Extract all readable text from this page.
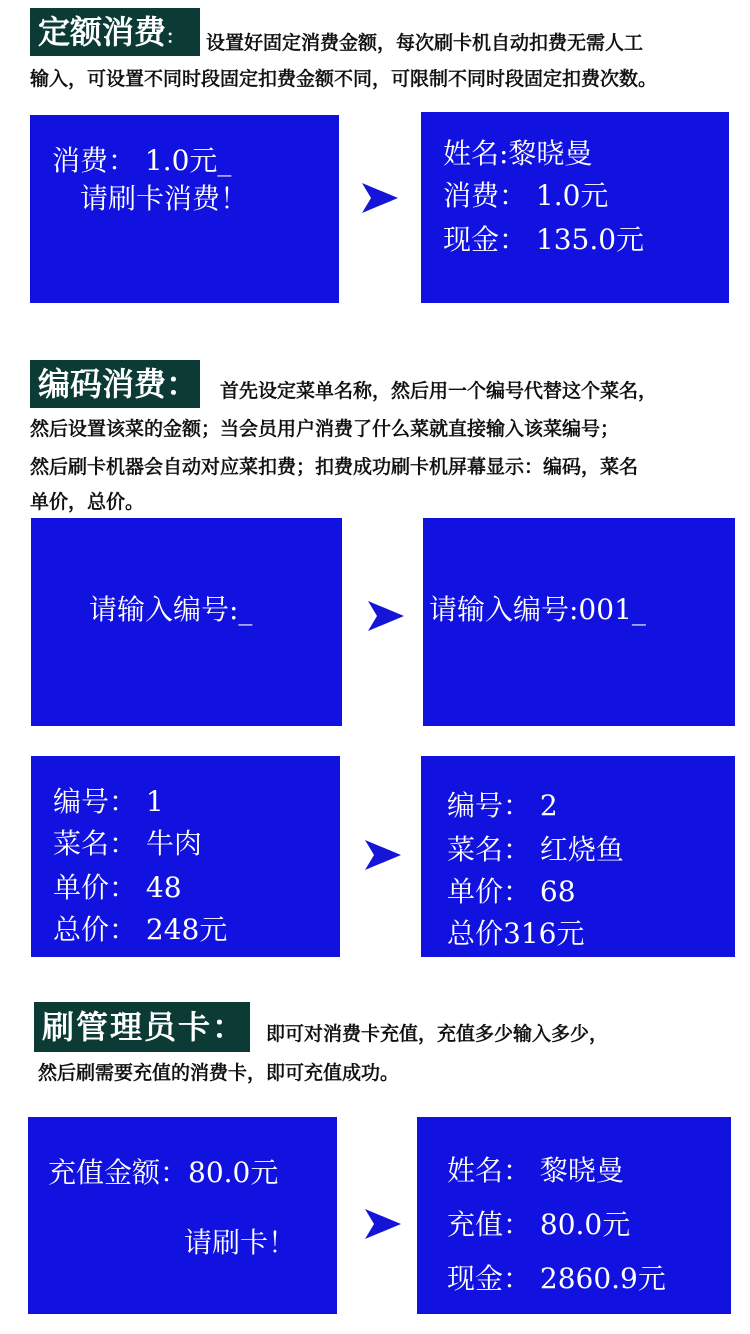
定额消费：	设置好固定消费金额，每次刷卡机自动扣费无需人工
输入，可设置不同时段固定扣费金额不同，可限制不同时段固定扣费次数。
消费： 1.0元_
请刷卡消费！
姓名:黎晓曼
消费： 1.0元
现金： 135.0元
编码消费： 首先设定菜单名称，然后用一个编号代替这个菜名，
然后设置该菜的金额；当会员用户消费了什么菜就直接输入该菜编号；
然后刷卡机器会自动对应菜扣费；扣费成功刷卡机屏幕显示：编码，菜名
单价，总价。
请输入编号:_	请输入编号:001_
编号： 1
菜名： 牛肉
单价： 48
总价： 248元
编号： 2
菜名： 红烧鱼
单价： 68
总价316元
刷管理员卡： 即可对消费卡充值，充值多少输入多少，
然后刷需要充值的消费卡，即可充值成功。
充值金额：80.0元
请刷卡！
姓名： 黎晓曼
充值： 80.0元
现金： 2860.9元
